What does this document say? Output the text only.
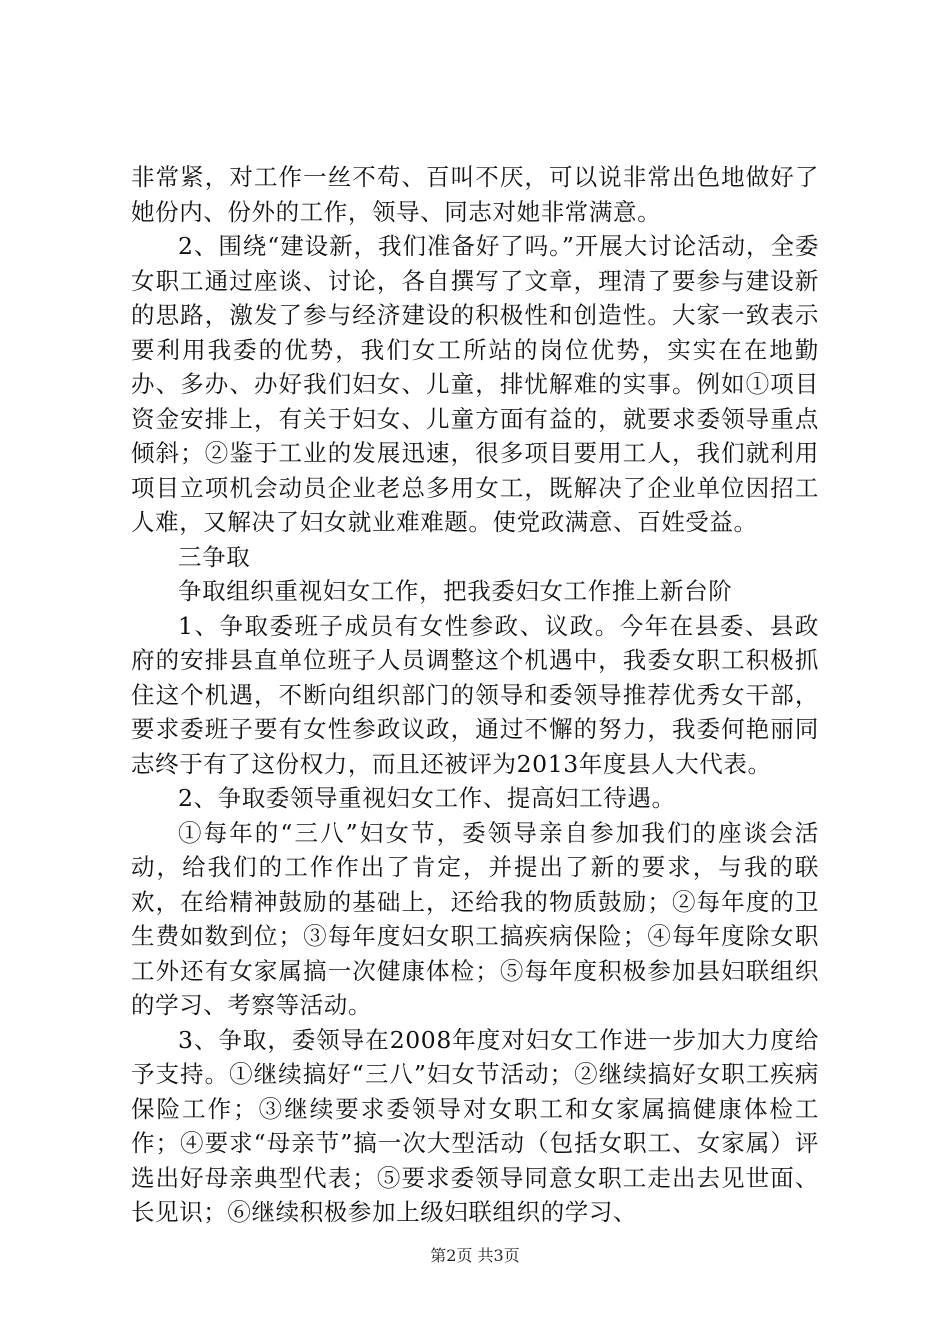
非常紧，对工作一丝不苟、百叫不厌，可以说非常出色地做好了她份内、份外的工作，领导、同志对她非常满意。

2、围绕“建设新，我们准备好了吗。”开展大讨论活动，全委女职工通过座谈、讨论，各自撰写了文章，理清了要参与建设新的思路，激发了参与经济建设的积极性和创造性。大家一致表示要利用我委的优势，我们女工所站的岗位优势，实实在在地勤办、多办、办好我们妇女、儿童，排忧解难的实事。例如①项目资金安排上，有关于妇女、儿童方面有益的，就要求委领导重点倾斜；②鉴于工业的发展迅速，很多项目要用工人，我们就利用项目立项机会动员企业老总多用女工，既解决了企业单位因招工人难，又解决了妇女就业难难题。使党政满意、百姓受益。

三争取

争取组织重视妇女工作，把我委妇女工作推上新台阶

1、争取委班子成员有女性参政、议政。今年在县委、县政府的安排县直单位班子人员调整这个机遇中，我委女职工积极抓住这个机遇，不断向组织部门的领导和委领导推荐优秀女干部，要求委班子要有女性参政议政，通过不懈的努力，我委何艳丽同志终于有了这份权力，而且还被评为2013年度县人大代表。

2、争取委领导重视妇女工作、提高妇工待遇。

①每年的“三八”妇女节，委领导亲自参加我们的座谈会活动，给我们的工作作出了肯定，并提出了新的要求，与我的联欢，在给精神鼓励的基础上，还给我的物质鼓励；②每年度的卫生费如数到位；③每年度妇女职工搞疾病保险；④每年度除女职工外还有女家属搞一次健康体检；⑤每年度积极参加县妇联组织的学习、考察等活动。

3、争取，委领导在2008年度对妇女工作进一步加大力度给予支持。①继续搞好“三八”妇女节活动；②继续搞好女职工疾病保险工作；③继续要求委领导对女职工和女家属搞健康体检工作；④要求“母亲节”搞一次大型活动（包括女职工、女家属）评选出好母亲典型代表；⑤要求委领导同意女职工走出去见世面、长见识；⑥继续积极参加上级妇联组织的学习、

第2页 共3页
